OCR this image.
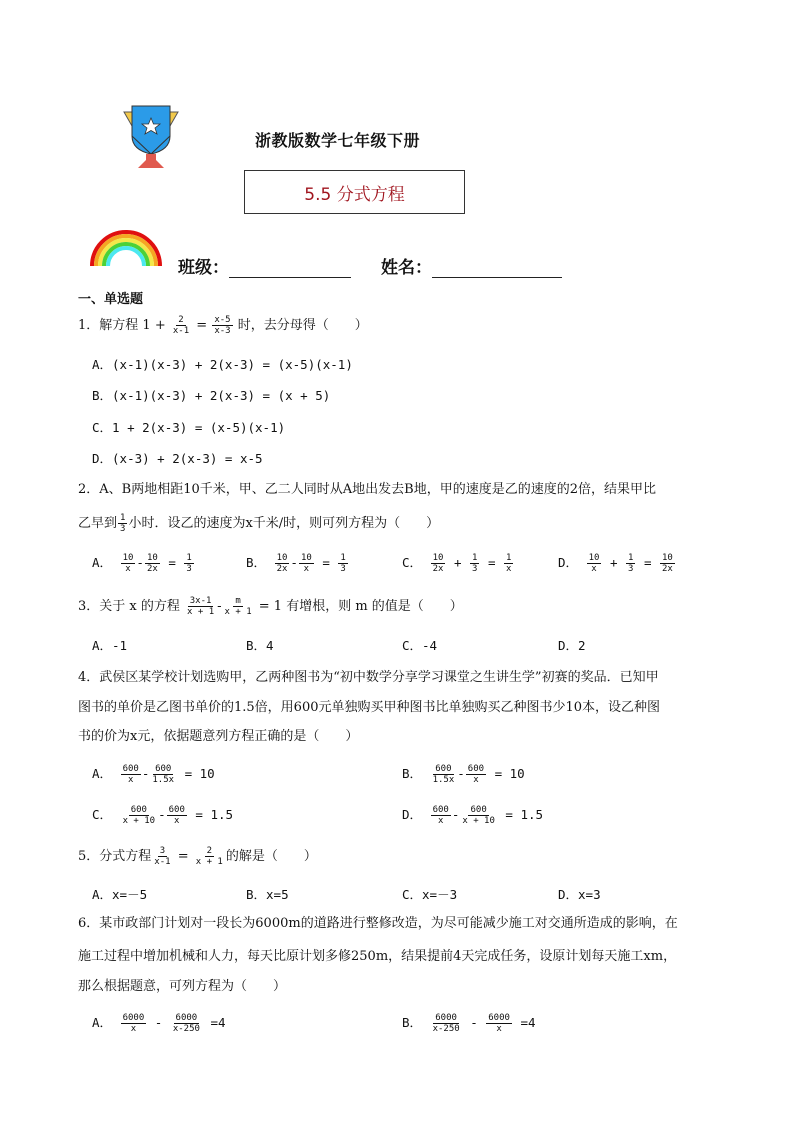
浙教版数学七年级下册
5.5 分式方程
班级：	姓名：
一、单选题
1．解方程 $1 + \frac{2}{x-1} = \frac{x-5}{x-3}$ 时，去分母得（　　）
A．(x-1)(x-3) + 2(x-3) = (x-5)(x-1)
B．(x-1)(x-3) + 2(x-3) = (x + 5)
C．1 + 2(x-3) = (x-5)(x-1)
D．(x-3) + 2(x-3) = x-5
2．A、B两地相距10千米，甲、乙二人同时从A地出发去B地，甲的速度是乙的速度的2倍，结果甲比
乙早到 $\frac{1}{3}$ 小时．设乙的速度为x千米/时，则可列方程为（　　）
A． $\frac{10}{x} - \frac{10}{2x} = \frac{1}{3}$	B． $\frac{10}{2x} - \frac{10}{x} = \frac{1}{3}$	C． $\frac{10}{2x} + \frac{1}{3} = \frac{1}{x}$	D． $\frac{10}{x} + \frac{1}{3} = \frac{10}{2x}$
3．关于 x 的方程 $\frac{3x-1}{x + 1} - \frac{m}{x + 1} = 1$ 有增根，则 m 的值是（　　）
A．-1	B．4	C．-4	D．2
4．武侯区某学校计划选购甲，乙两种图书为“初中数学分享学习课堂之生讲生学”初赛的奖品．已知甲
图书的单价是乙图书单价的1.5倍，用600元单独购买甲种图书比单独购买乙种图书少10本，设乙种图
书的价为x元，依据题意列方程正确的是（　　）
A． $\frac{600}{x} - \frac{600}{1.5x} = 10$	B． $\frac{600}{1.5x} - \frac{600}{x} = 10$
C． $\frac{600}{x + 10} - \frac{600}{x} = 1.5$	D． $\frac{600}{x} - \frac{600}{x + 10} = 1.5$
5．分式方程 $\frac{3}{x-1} = \frac{2}{x + 1}$ 的解是（　　）
A．x=－5	B．x=5	C．x=－3	D．x=3
6．某市政部门计划对一段长为6000m的道路进行整修改造，为尽可能减少施工对交通所造成的影响，在
施工过程中增加机械和人力，每天比原计划多修250m，结果提前4天完成任务，设原计划每天施工xm，
那么根据题意，可列方程为（　　）
A． $\frac{6000}{x} - \frac{6000}{x-250} =4$	B． $\frac{6000}{x-250} - \frac{6000}{x} =4$
